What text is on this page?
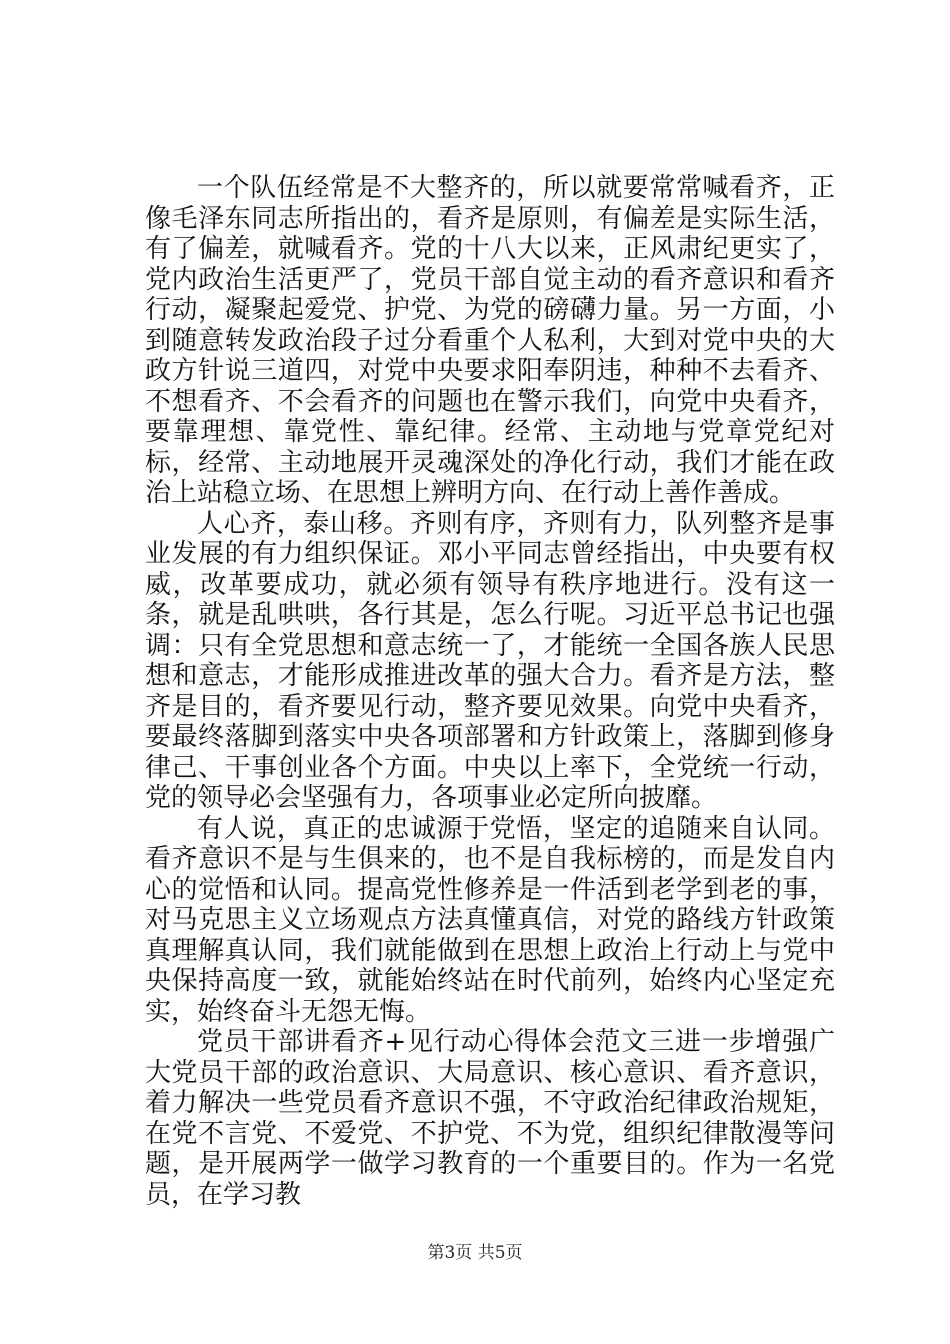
一个队伍经常是不大整齐的，所以就要常常喊看齐，正像毛泽东同志所指出的，看齐是原则，有偏差是实际生活，有了偏差，就喊看齐。党的十八大以来，正风肃纪更实了，党内政治生活更严了，党员干部自觉主动的看齐意识和看齐行动，凝聚起爱党、护党、为党的磅礴力量。另一方面，小到随意转发政治段子过分看重个人私利，大到对党中央的大政方针说三道四，对党中央要求阳奉阴违，种种不去看齐、不想看齐、不会看齐的问题也在警示我们，向党中央看齐，要靠理想、靠党性、靠纪律。经常、主动地与党章党纪对标，经常、主动地展开灵魂深处的净化行动，我们才能在政治上站稳立场、在思想上辨明方向、在行动上善作善成。

人心齐，泰山移。齐则有序，齐则有力，队列整齐是事业发展的有力组织保证。邓小平同志曾经指出，中央要有权威，改革要成功，就必须有领导有秩序地进行。没有这一条，就是乱哄哄，各行其是，怎么行呢。习近平总书记也强调：只有全党思想和意志统一了，才能统一全国各族人民思想和意志，才能形成推进改革的强大合力。看齐是方法，整齐是目的，看齐要见行动，整齐要见效果。向党中央看齐，要最终落脚到落实中央各项部署和方针政策上，落脚到修身律己、干事创业各个方面。中央以上率下，全党统一行动，党的领导必会坚强有力，各项事业必定所向披靡。

有人说，真正的忠诚源于党悟，坚定的追随来自认同。看齐意识不是与生俱来的，也不是自我标榜的，而是发自内心的觉悟和认同。提高党性修养是一件活到老学到老的事，对马克思主义立场观点方法真懂真信，对党的路线方针政策真理解真认同，我们就能做到在思想上政治上行动上与党中央保持高度一致，就能始终站在时代前列，始终内心坚定充实，始终奋斗无怨无悔。

党员干部讲看齐+见行动心得体会范文三进一步增强广大党员干部的政治意识、大局意识、核心意识、看齐意识，着力解决一些党员看齐意识不强，不守政治纪律政治规矩，在党不言党、不爱党、不护党、不为党，组织纪律散漫等问题，是开展两学一做学习教育的一个重要目的。作为一名党员，在学习教

第3页 共5页
